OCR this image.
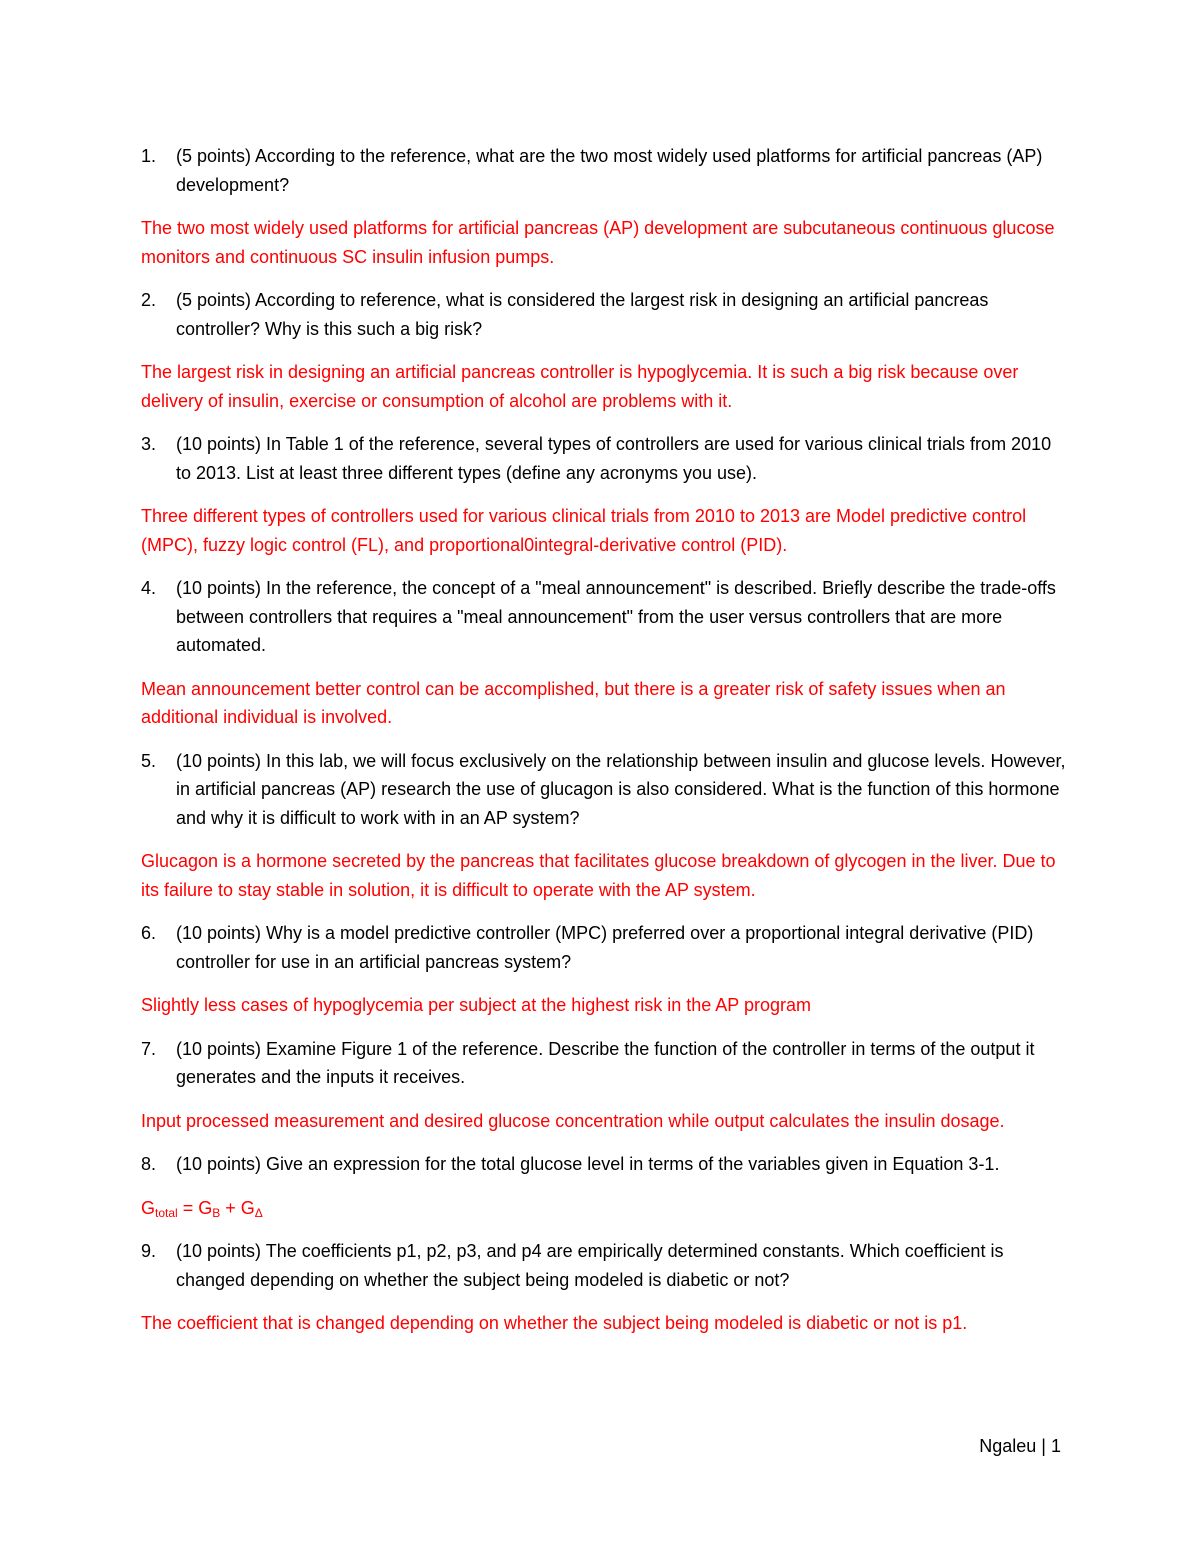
1. (5 points) According to the reference, what are the two most widely used platforms for artificial pancreas (AP) development?
The two most widely used platforms for artificial pancreas (AP) development are subcutaneous continuous glucose monitors and continuous SC insulin infusion pumps.
2. (5 points) According to reference, what is considered the largest risk in designing an artificial pancreas controller? Why is this such a big risk?
The largest risk in designing an artificial pancreas controller is hypoglycemia. It is such a big risk because over delivery of insulin, exercise or consumption of alcohol are problems with it.
3. (10 points) In Table 1 of the reference, several types of controllers are used for various clinical trials from 2010 to 2013. List at least three different types (define any acronyms you use).
Three different types of controllers used for various clinical trials from 2010 to 2013 are Model predictive control (MPC), fuzzy logic control (FL), and proportional0integral-derivative control (PID).
4. (10 points) In the reference, the concept of a "meal announcement" is described. Briefly describe the trade-offs between controllers that requires a "meal announcement" from the user versus controllers that are more automated.
Mean announcement better control can be accomplished, but there is a greater risk of safety issues when an additional individual is involved.
5. (10 points) In this lab, we will focus exclusively on the relationship between insulin and glucose levels. However, in artificial pancreas (AP) research the use of glucagon is also considered. What is the function of this hormone and why it is difficult to work with in an AP system?
Glucagon is a hormone secreted by the pancreas that facilitates glucose breakdown of glycogen in the liver. Due to its failure to stay stable in solution, it is difficult to operate with the AP system.
6. (10 points) Why is a model predictive controller (MPC) preferred over a proportional integral derivative (PID) controller for use in an artificial pancreas system?
Slightly less cases of hypoglycemia per subject at the highest risk in the AP program
7. (10 points) Examine Figure 1 of the reference. Describe the function of the controller in terms of the output it generates and the inputs it receives.
Input processed measurement and desired glucose concentration while output calculates the insulin dosage.
8. (10 points) Give an expression for the total glucose level in terms of the variables given in Equation 3-1.
$G_{total} = G_B + G_\Delta$
9. (10 points) The coefficients p1, p2, p3, and p4 are empirically determined constants. Which coefficient is changed depending on whether the subject being modeled is diabetic or not?
The coefficient that is changed depending on whether the subject being modeled is diabetic or not is p1.
Ngaleu | 1
